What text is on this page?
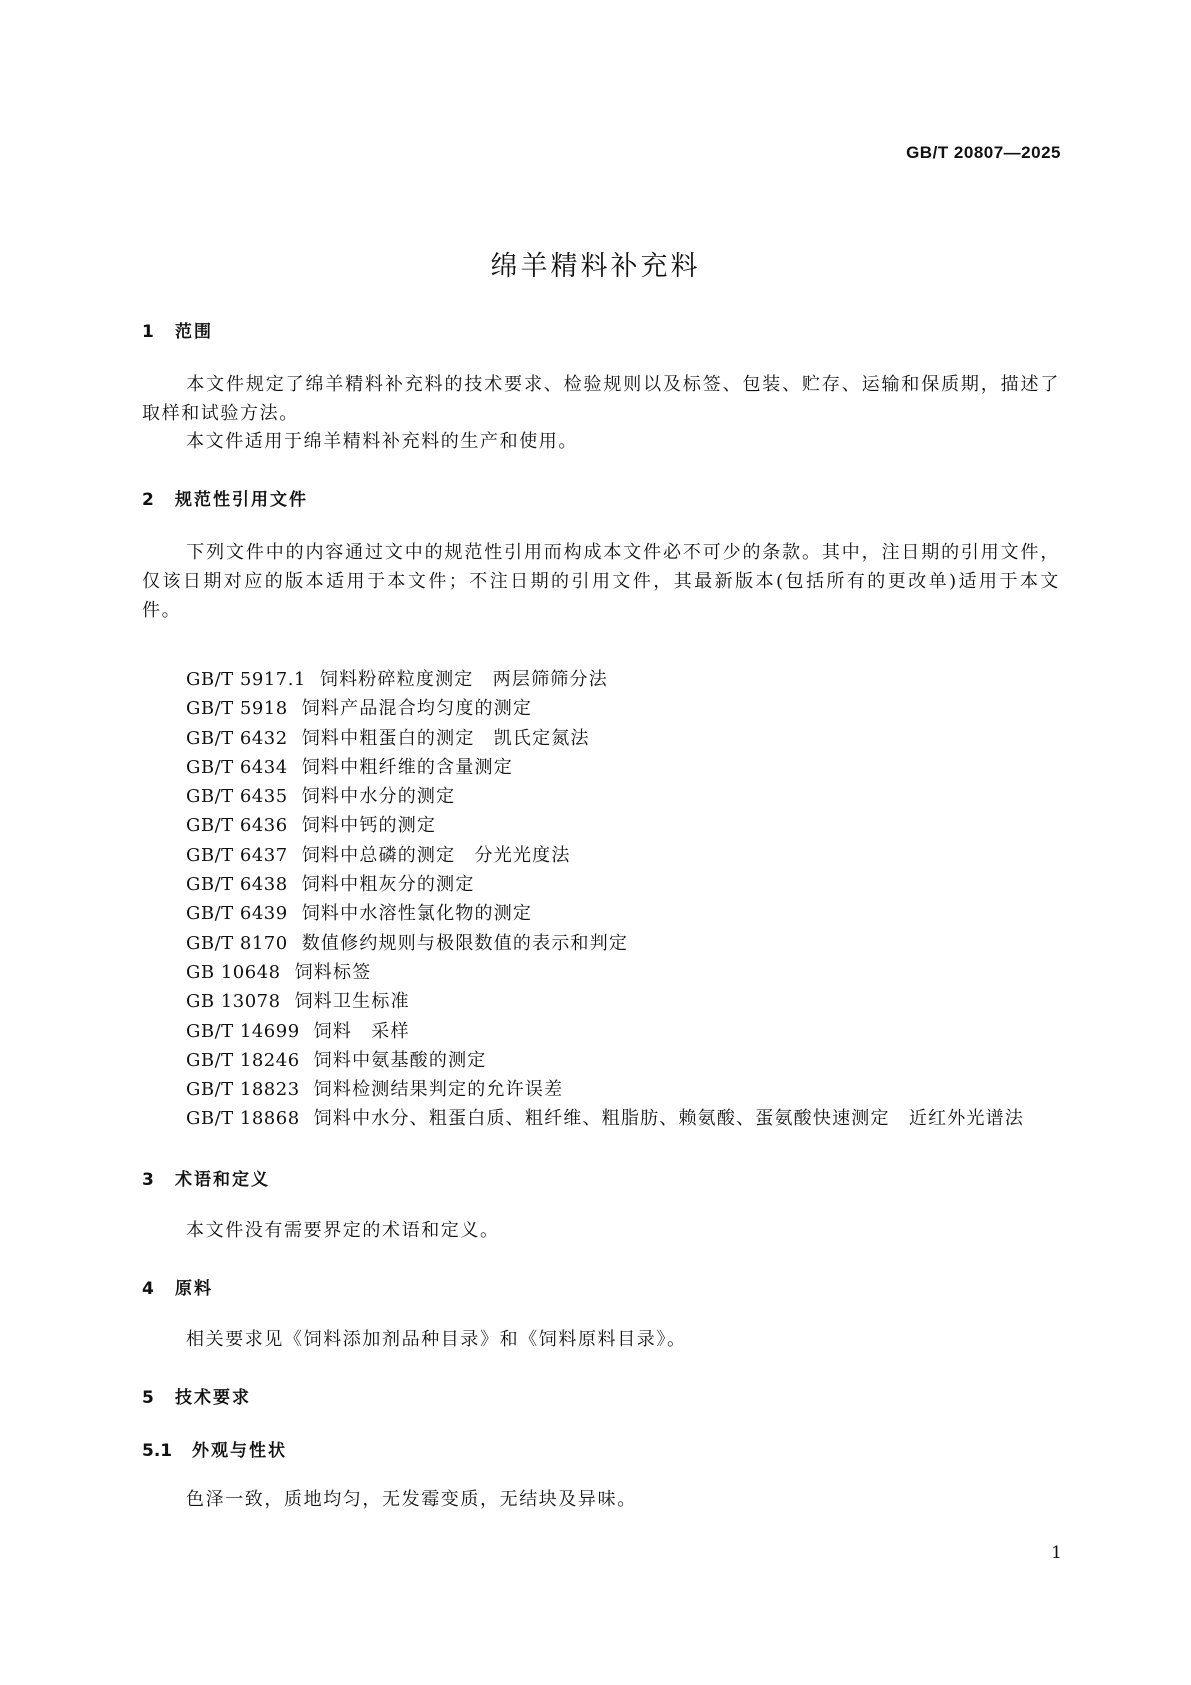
GB/T 20807—2025
绵羊精料补充料
1 范围
本文件规定了绵羊精料补充料的技术要求、检验规则以及标签、包装、贮存、运输和保质期，描述了取样和试验方法。
本文件适用于绵羊精料补充料的生产和使用。
2 规范性引用文件
下列文件中的内容通过文中的规范性引用而构成本文件必不可少的条款。其中，注日期的引用文件，仅该日期对应的版本适用于本文件；不注日期的引用文件，其最新版本(包括所有的更改单)适用于本文件。
GB/T 5917.1 饲料粉碎粒度测定　两层筛筛分法
GB/T 5918 饲料产品混合均匀度的测定
GB/T 6432 饲料中粗蛋白的测定　凯氏定氮法
GB/T 6434 饲料中粗纤维的含量测定
GB/T 6435 饲料中水分的测定
GB/T 6436 饲料中钙的测定
GB/T 6437 饲料中总磷的测定　分光光度法
GB/T 6438 饲料中粗灰分的测定
GB/T 6439 饲料中水溶性氯化物的测定
GB/T 8170 数值修约规则与极限数值的表示和判定
GB 10648 饲料标签
GB 13078 饲料卫生标准
GB/T 14699 饲料　采样
GB/T 18246 饲料中氨基酸的测定
GB/T 18823 饲料检测结果判定的允许误差
GB/T 18868 饲料中水分、粗蛋白质、粗纤维、粗脂肪、赖氨酸、蛋氨酸快速测定　近红外光谱法
3 术语和定义
本文件没有需要界定的术语和定义。
4 原料
相关要求见《饲料添加剂品种目录》和《饲料原料目录》。
5 技术要求
5.1 外观与性状
色泽一致，质地均匀，无发霉变质，无结块及异味。
1
